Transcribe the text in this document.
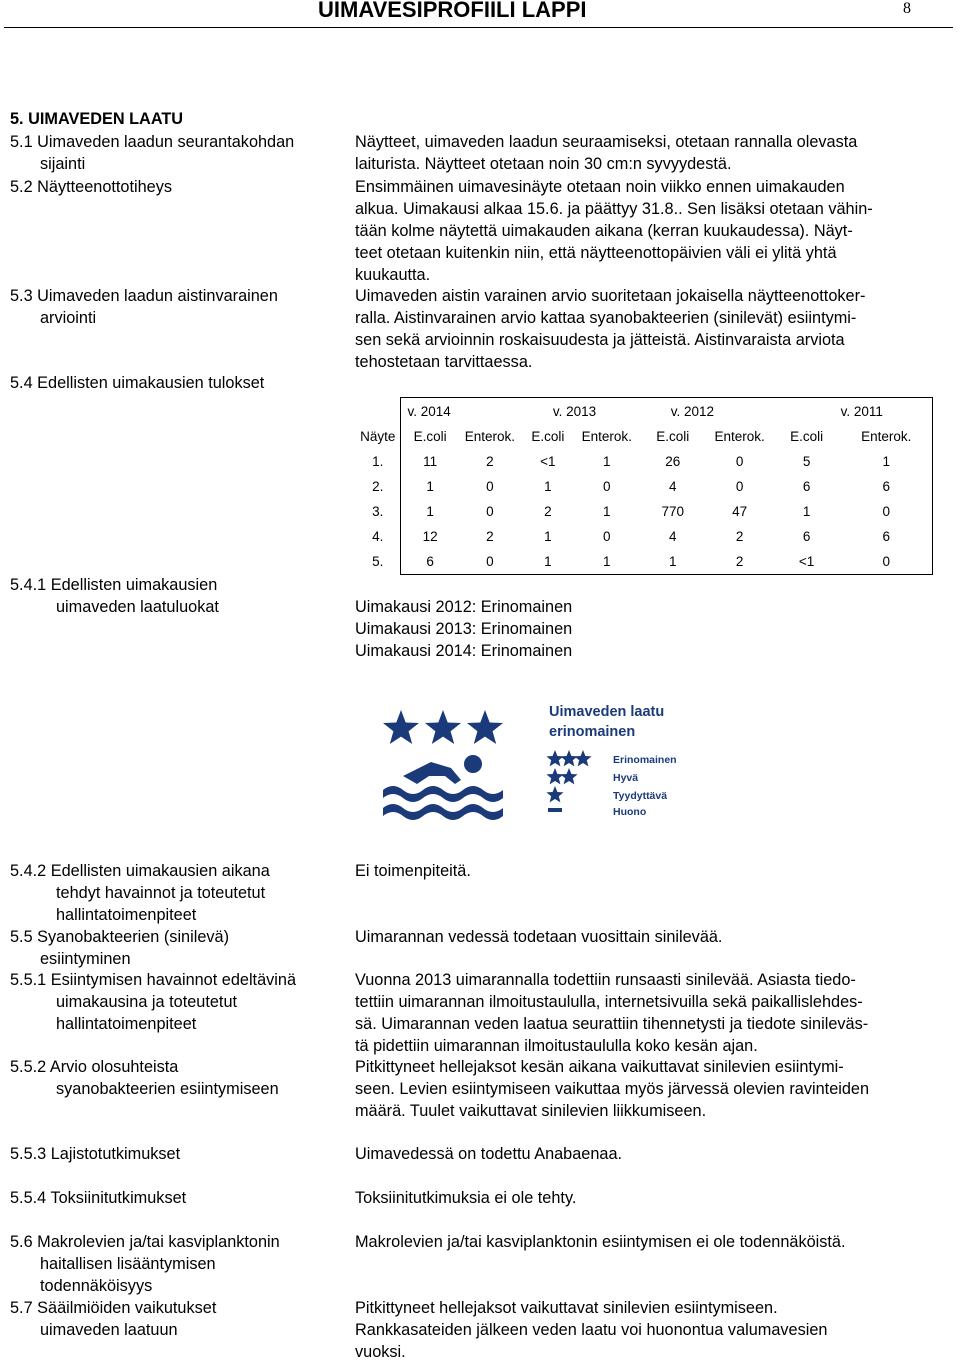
UIMAVESIPROFIILI LAPPI	8
5. UIMAVEDEN LAATU
5.1 Uimaveden laadun seurantakohdan
sijainti
Näytteet, uimaveden laadun seuraamiseksi, otetaan rannalla olevasta
laiturista. Näytteet otetaan noin 30 cm:n syvyydestä.
5.2 Näytteenottotiheys	Ensimmäinen uimavesinäyte otetaan noin viikko ennen uimakauden
alkua. Uimakausi alkaa 15.6. ja päättyy 31.8.. Sen lisäksi otetaan vähin-
tään kolme näytettä uimakauden aikana (kerran kuukaudessa). Näyt-
teet otetaan kuitenkin niin, että näytteenottopäivien väli ei ylitä yhtä
kuukautta.
5.3 Uimaveden laadun aistinvarainen
arviointi
Uimaveden aistin varainen arvio suoritetaan jokaisella näytteenottoker-
ralla. Aistinvarainen arvio kattaa syanobakteerien (sinilevät) esiintymi-
sen sekä arvioinnin roskaisuudesta ja jätteistä. Aistinvaraista arviota
tehostetaan tarvittaessa.
5.4 Edellisten uimakausien tulokset
	v. 2014		v. 2013		v. 2012		v. 2011	
Näyte	E.coli	Enterok.	E.coli	Enterok.	E.coli	Enterok.	E.coli	Enterok.
1.	11	2	<1	1	26	0	5	1
2.	1	0	1	0	4	0	6	6
3.	1	0	2	1	770	47	1	0
4.	12	2	1	0	4	2	6	6
5.	6	0	1	1	1	2	<1	0
5.4.1 Edellisten uimakausien
uimaveden laatuluokat	Uimakausi 2012: Erinomainen
Uimakausi 2013: Erinomainen
Uimakausi 2014: Erinomainen
Uimaveden laatu
erinomainen
Erinomainen
Hyvä
Tyydyttävä
Huono
5.4.2 Edellisten uimakausien aikana
tehdyt havainnot ja toteutetut
hallintatoimenpiteet
Ei toimenpiteitä.
5.5 Syanobakteerien (sinilevä)
esiintyminen
Uimarannan vedessä todetaan vuosittain sinilevää.
5.5.1 Esiintymisen havainnot edeltävinä
uimakausina ja toteutetut
hallintatoimenpiteet
Vuonna 2013 uimarannalla todettiin runsaasti sinilevää. Asiasta tiedo-
tettiin uimarannan ilmoitustaululla, internetsivuilla sekä paikallislehdes-
sä. Uimarannan veden laatua seurattiin tihennetysti ja tiedote sinileväs-
tä pidettiin uimarannan ilmoitustaululla koko kesän ajan.
5.5.2 Arvio olosuhteista
syanobakteerien esiintymiseen
Pitkittyneet hellejaksot kesän aikana vaikuttavat sinilevien esiintymi-
seen. Levien esiintymiseen vaikuttaa myös järvessä olevien ravinteiden
määrä. Tuulet vaikuttavat sinilevien liikkumiseen.
5.5.3 Lajistotutkimukset	Uimavedessä on todettu Anabaenaa.
5.5.4 Toksiinitutkimukset	Toksiinitutkimuksia ei ole tehty.
5.6 Makrolevien ja/tai kasviplanktonin
haitallisen lisääntymisen
todennäköisyys
Makrolevien ja/tai kasviplanktonin esiintymisen ei ole todennäköistä.
5.7 Sääilmiöiden vaikutukset
uimaveden laatuun
Pitkittyneet hellejaksot vaikuttavat sinilevien esiintymiseen.
Rankkasateiden jälkeen veden laatu voi huonontua valumavesien
vuoksi.
